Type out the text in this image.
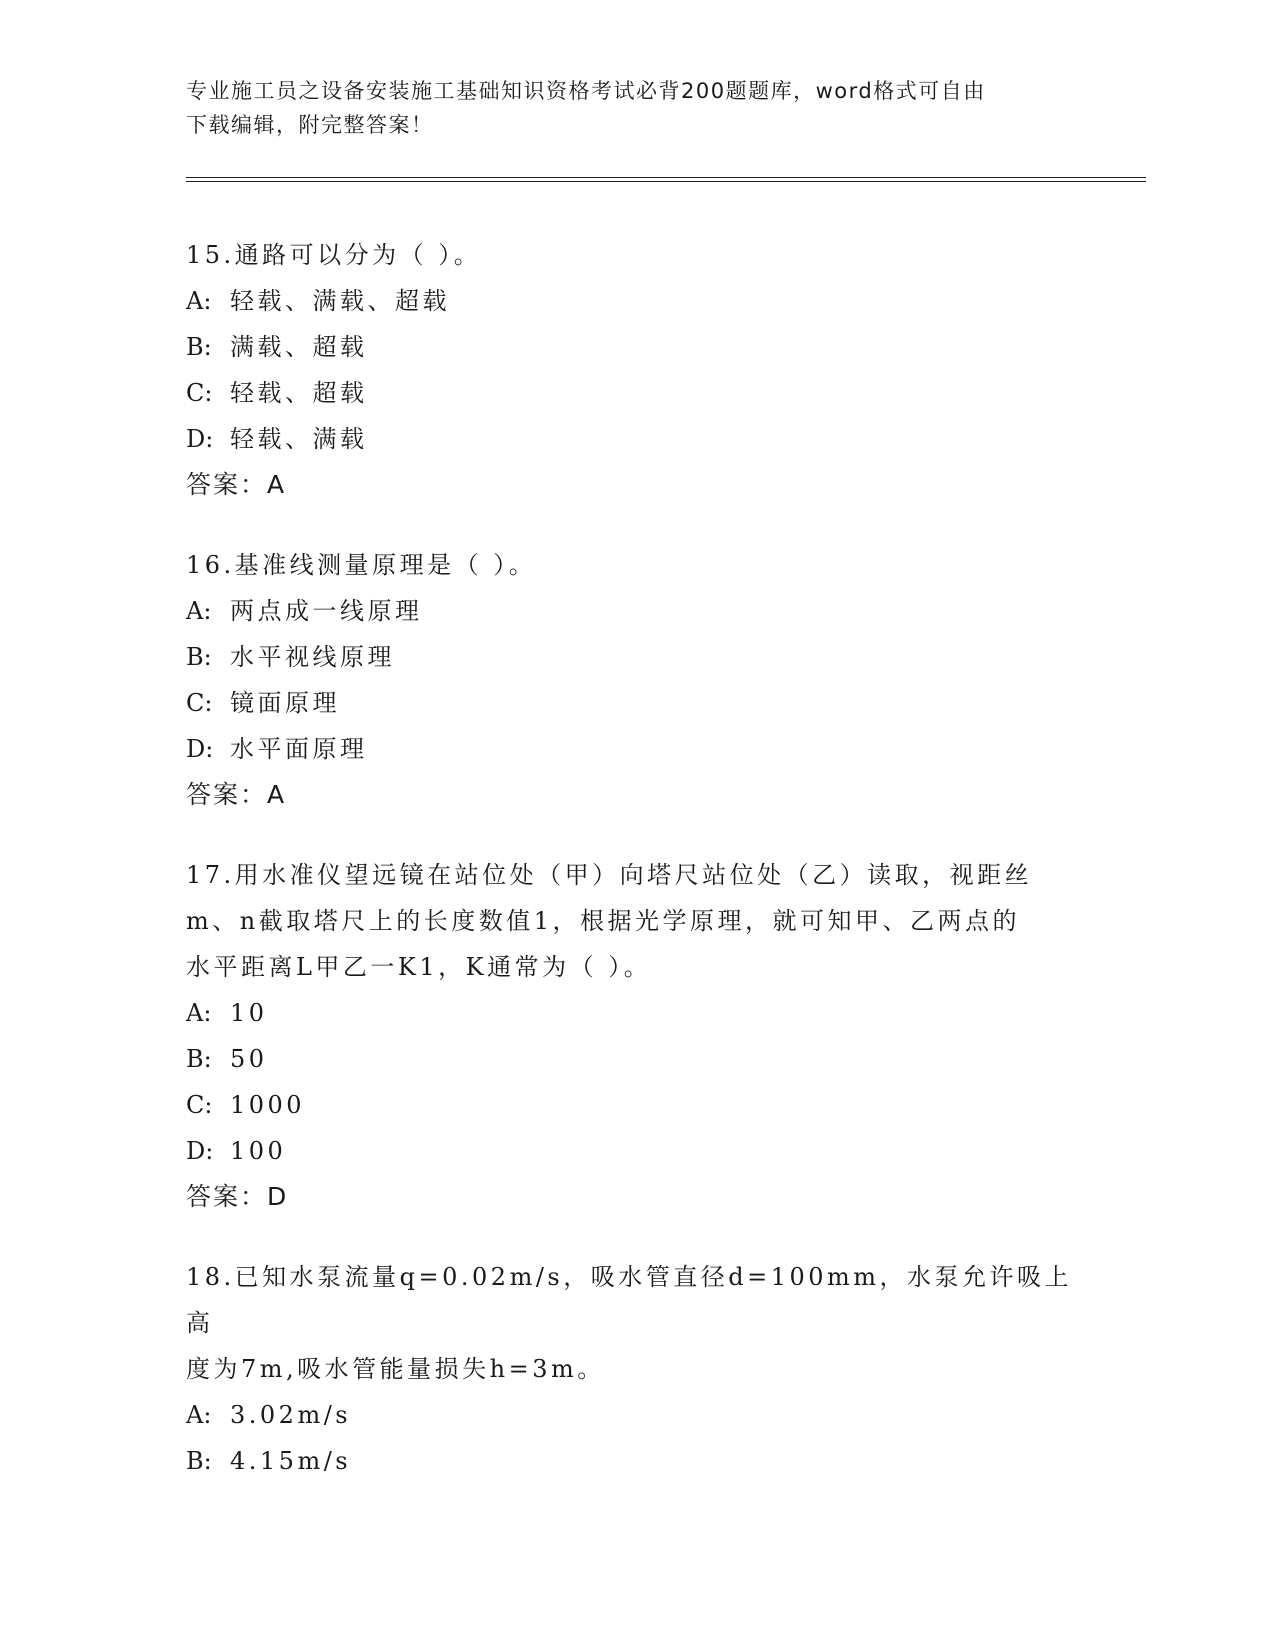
专业施工员之设备安装施工基础知识资格考试必背200题题库，word格式可自由
下载编辑，附完整答案！

15.通路可以分为（ ）。

A: 轻载、满载、超载

B: 满载、超载

C: 轻载、超载

D: 轻载、满载

答案：A

16.基准线测量原理是（ ）。

A: 两点成一线原理

B: 水平视线原理

C: 镜面原理

D: 水平面原理

答案：A

17.用水准仪望远镜在站位处（甲）向塔尺站位处（乙）读取，视距丝

m、n截取塔尺上的长度数值1，根据光学原理，就可知甲、乙两点的

水平距离L甲乙一K1，K通常为（ ）。

A: 10

B: 50

C: 1000

D: 100

答案：D

18.已知水泵流量q=0.02m/s，吸水管直径d=100mm，水泵允许吸上高

度为7m,吸水管能量损失h=3m。

A: 3.02m/s

B: 4.15m/s
